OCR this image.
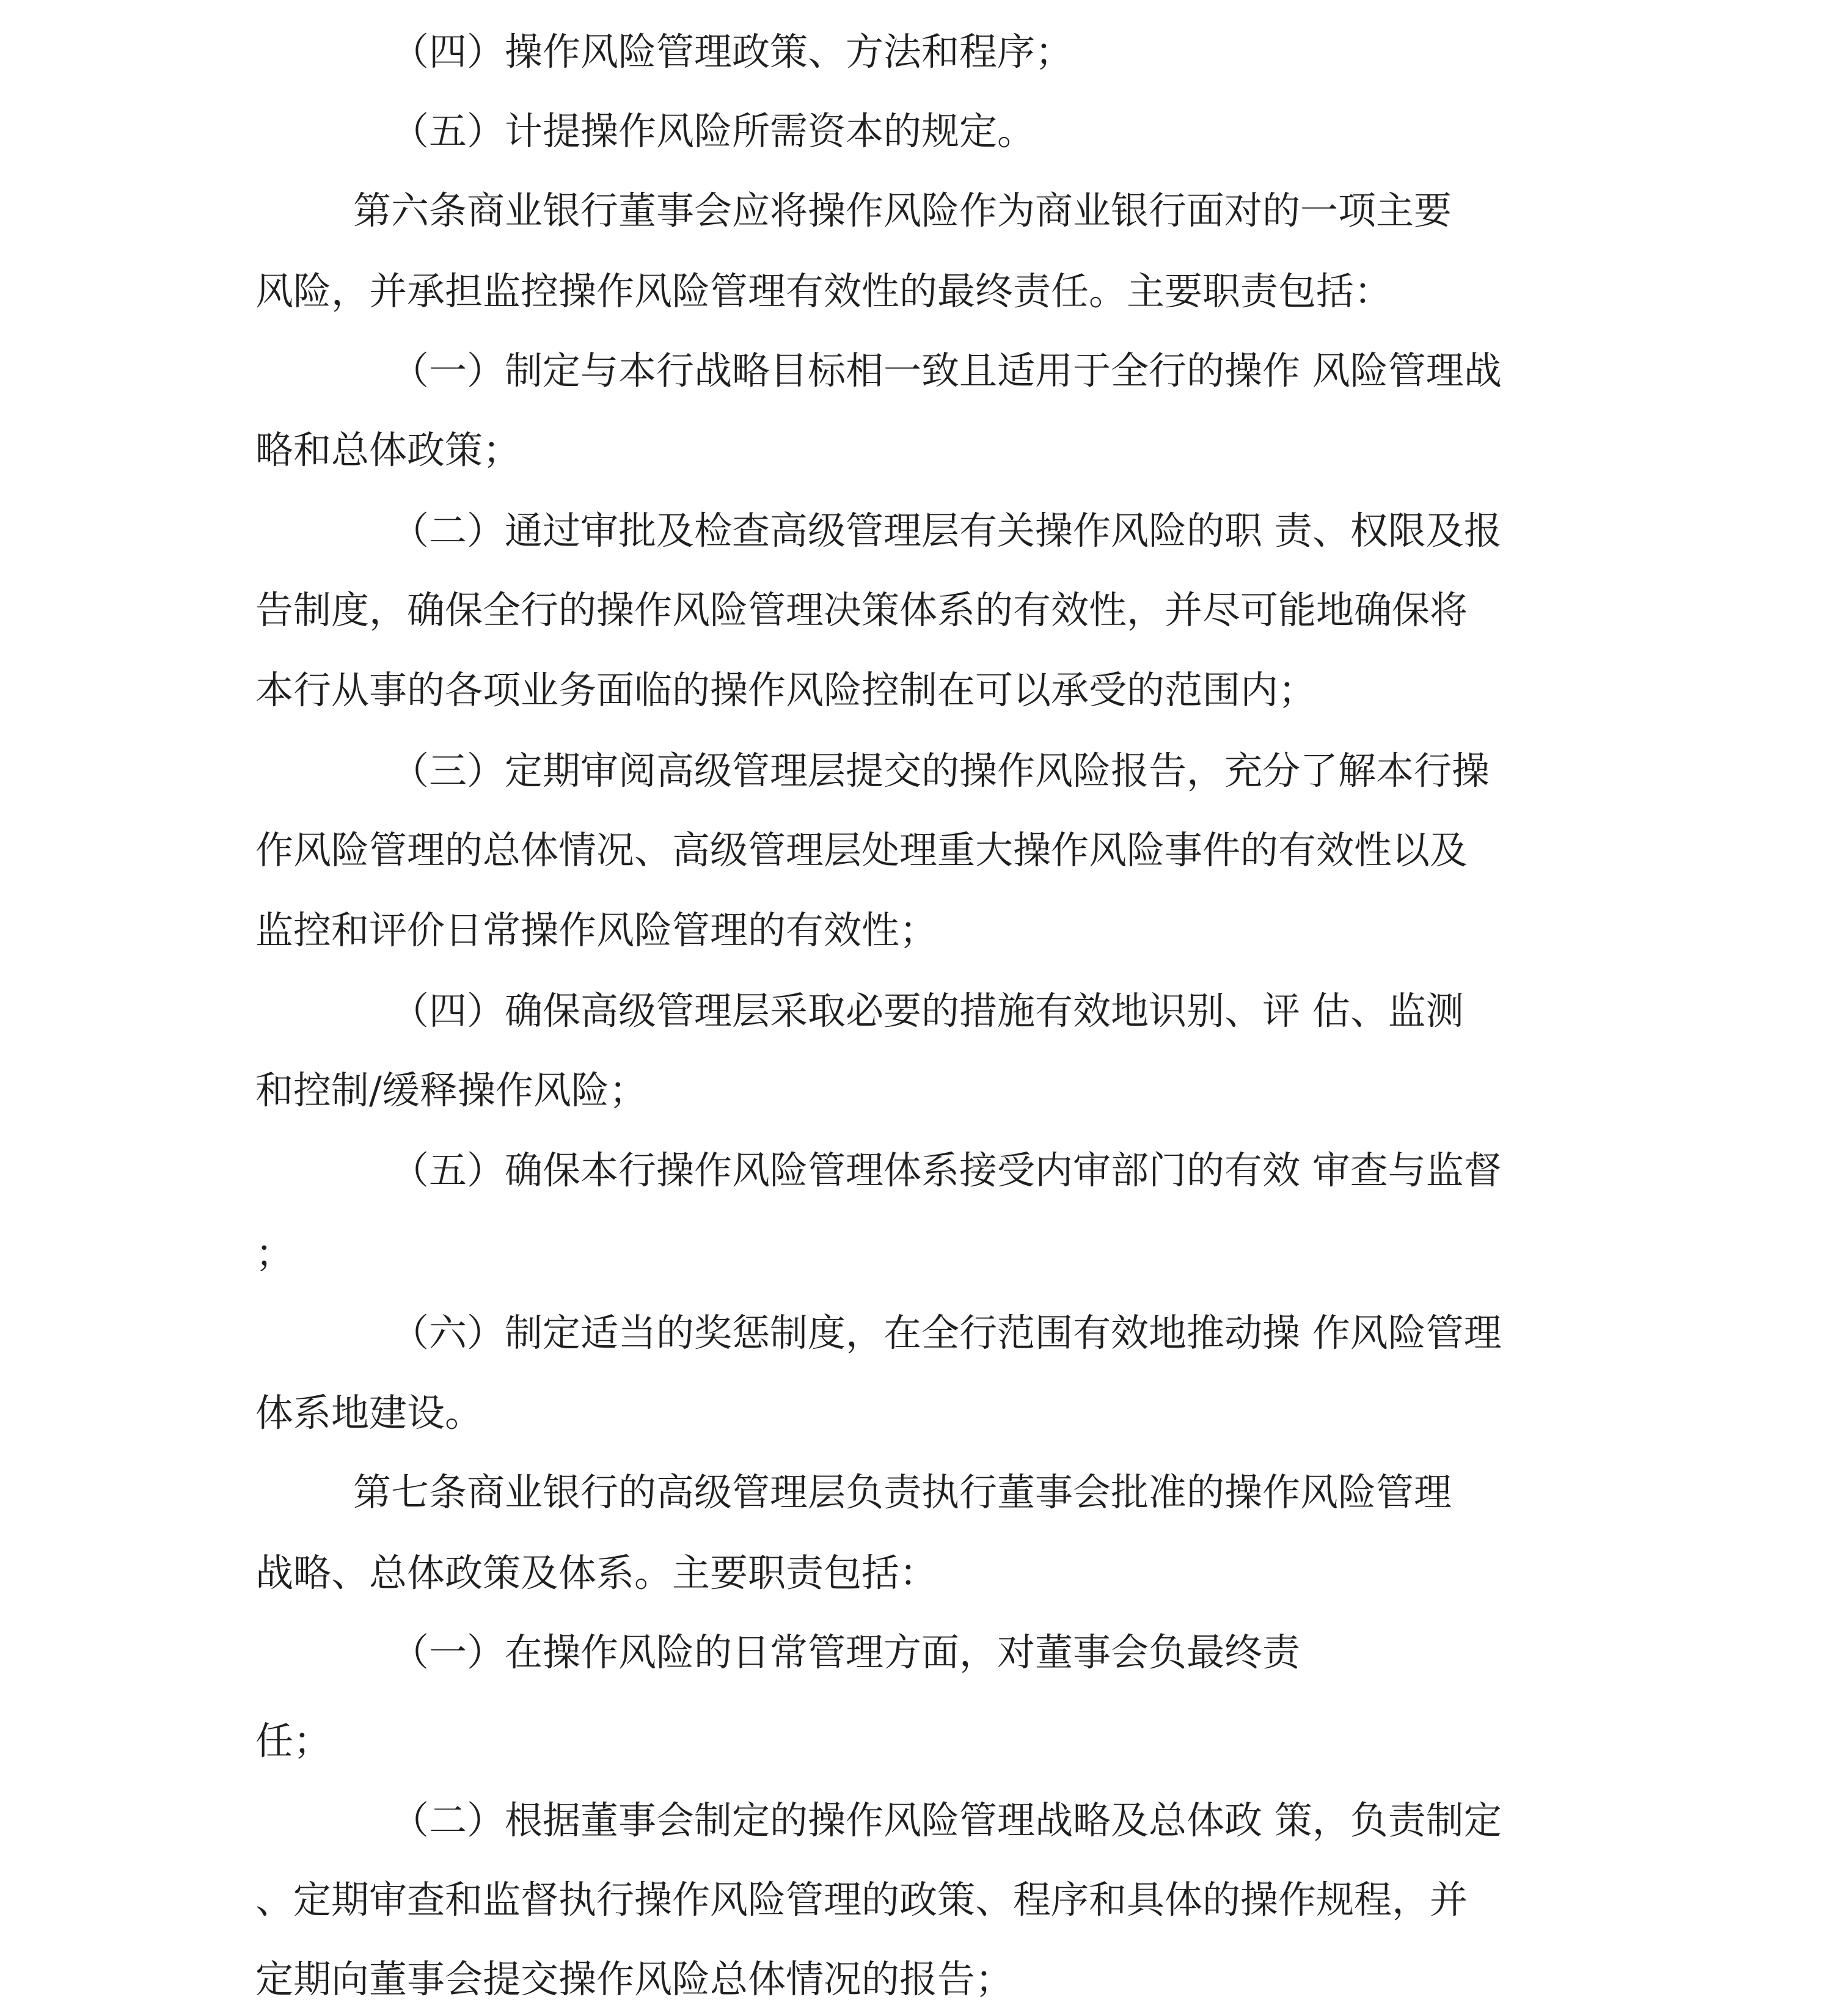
（四）操作风险管理政策、方法和程序；
（五）计提操作风险所需资本的规定。
第六条商业银行董事会应将操作风险作为商业银行面对的一项主要
风险，并承担监控操作风险管理有效性的最终责任。主要职责包括：
（一）制定与本行战略目标相一致且适用于全行的操作 风险管理战
略和总体政策；
（二）通过审批及检查高级管理层有关操作风险的职 责、权限及报
告制度，确保全行的操作风险管理决策体系的有效性，并尽可能地确保将
本行从事的各项业务面临的操作风险控制在可以承受的范围内；
（三）定期审阅高级管理层提交的操作风险报告，充分了解本行操
作风险管理的总体情况、高级管理层处理重大操作风险事件的有效性以及
监控和评价日常操作风险管理的有效性；
（四）确保高级管理层采取必要的措施有效地识别、评 估、监测
和控制/缓释操作风险；
（五）确保本行操作风险管理体系接受内审部门的有效 审查与监督
；
（六）制定适当的奖惩制度，在全行范围有效地推动操 作风险管理
体系地建设。
第七条商业银行的高级管理层负责执行董事会批准的操作风险管理
战略、总体政策及体系。主要职责包括：
（一）在操作风险的日常管理方面，对董事会负最终责
任；
（二）根据董事会制定的操作风险管理战略及总体政 策，负责制定
、定期审查和监督执行操作风险管理的政策、程序和具体的操作规程，并
定期向董事会提交操作风险总体情况的报告；
